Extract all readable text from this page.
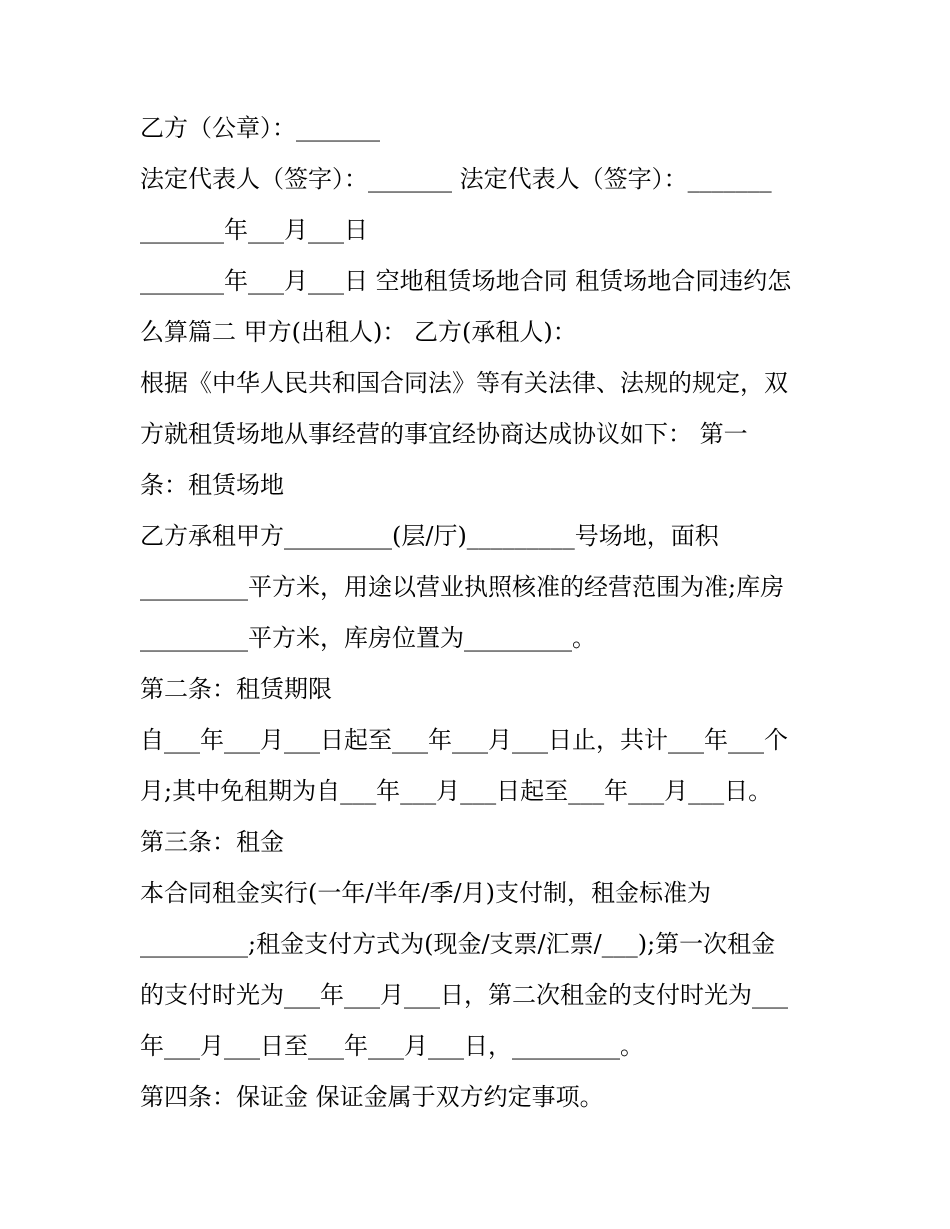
乙方（公章）：_______
法定代表人（签字）：_______ 法定代表人（签字）：_______
_______年___月___日
_______年___月___日 空地租赁场地合同 租赁场地合同违约怎
么算篇二 甲方(出租人)： 乙方(承租人)：
根据《中华人民共和国合同法》等有关法律、法规的规定，双
方就租赁场地从事经营的事宜经协商达成协议如下： 第一
条：租赁场地
乙方承租甲方_________(层/厅)_________号场地，面积
_________平方米，用途以营业执照核准的经营范围为准;库房
_________平方米，库房位置为_________。
第二条：租赁期限
自___年___月___日起至___年___月___日止，共计___年___个
月;其中免租期为自___年___月___日起至___年___月___日。
第三条：租金
本合同租金实行(一年/半年/季/月)支付制，租金标准为
_________;租金支付方式为(现金/支票/汇票/___);第一次租金
的支付时光为___年___月___日，第二次租金的支付时光为___
年___月___日至___年___月___日，_________。
第四条：保证金 保证金属于双方约定事项。
